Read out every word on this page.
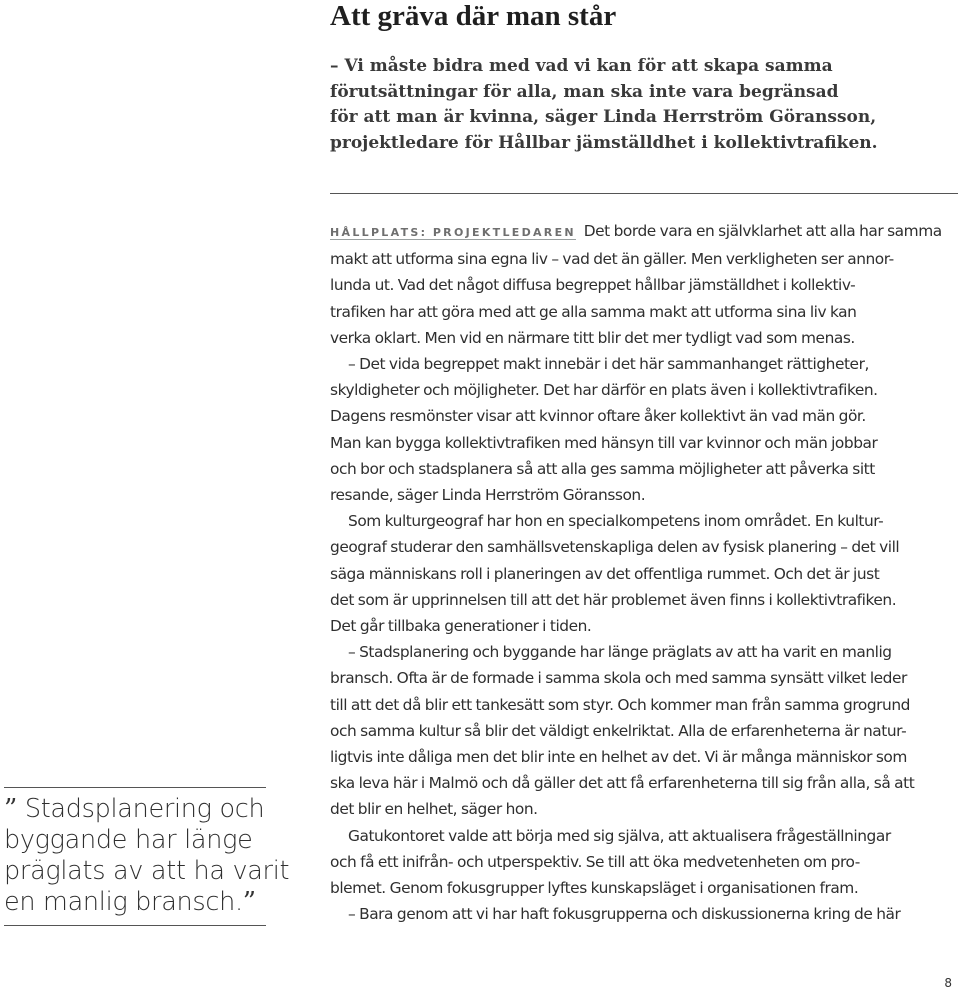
Att gräva där man står
– Vi måste bidra med vad vi kan för att skapa samma
förutsättningar för alla, man ska inte vara begränsad
för att man är kvinna, säger Linda Herrström Göransson,
projektledare för Hållbar jämställdhet i kollektivtrafiken.

HÅLLPLATS: PROJEKTLEDAREN Det borde vara en självklarhet att alla har samma

makt att utforma sina egna liv – vad det än gäller. Men verkligheten ser annor-

lunda ut. Vad det något diffusa begreppet hållbar jämställdhet i kollektiv-

trafiken har att göra med att ge alla samma makt att utforma sina liv kan

verka oklart. Men vid en närmare titt blir det mer tydligt vad som menas.

– Det vida begreppet makt innebär i det här sammanhanget rättigheter,

skyldigheter och möjligheter. Det har därför en plats även i kollektivtrafiken.

Dagens resmönster visar att kvinnor oftare åker kollektivt än vad män gör.

Man kan bygga kollektivtrafiken med hänsyn till var kvinnor och män jobbar

och bor och stadsplanera så att alla ges samma möjligheter att påverka sitt

resande, säger Linda Herrström Göransson.

Som kulturgeograf har hon en specialkompetens inom området. En kultur-

geograf studerar den samhällsvetenskapliga delen av fysisk planering – det vill

säga människans roll i planeringen av det offentliga rummet. Och det är just

det som är upprinnelsen till att det här problemet även finns i kollektivtrafiken.

Det går tillbaka generationer i tiden.

– Stadsplanering och byggande har länge präglats av att ha varit en manlig

bransch. Ofta är de formade i samma skola och med samma synsätt vilket leder

till att det då blir ett tankesätt som styr. Och kommer man från samma grogrund

och samma kultur så blir det väldigt enkelriktat. Alla de erfarenheterna är natur-

ligtvis inte dåliga men det blir inte en helhet av det. Vi är många människor som

ska leva här i Malmö och då gäller det att få erfarenheterna till sig från alla, så att

det blir en helhet, säger hon.

Gatukontoret valde att börja med sig själva, att aktualisera frågeställningar

och få ett inifrån- och utperspektiv. Se till att öka medvetenheten om pro-

blemet. Genom fokusgrupper lyftes kunskapsläget i organisationen fram.

– Bara genom att vi har haft fokusgrupperna och diskussionerna kring de här

” Stadsplanering och
byggande har länge
präglats av att ha varit
en manlig bransch.”
8
